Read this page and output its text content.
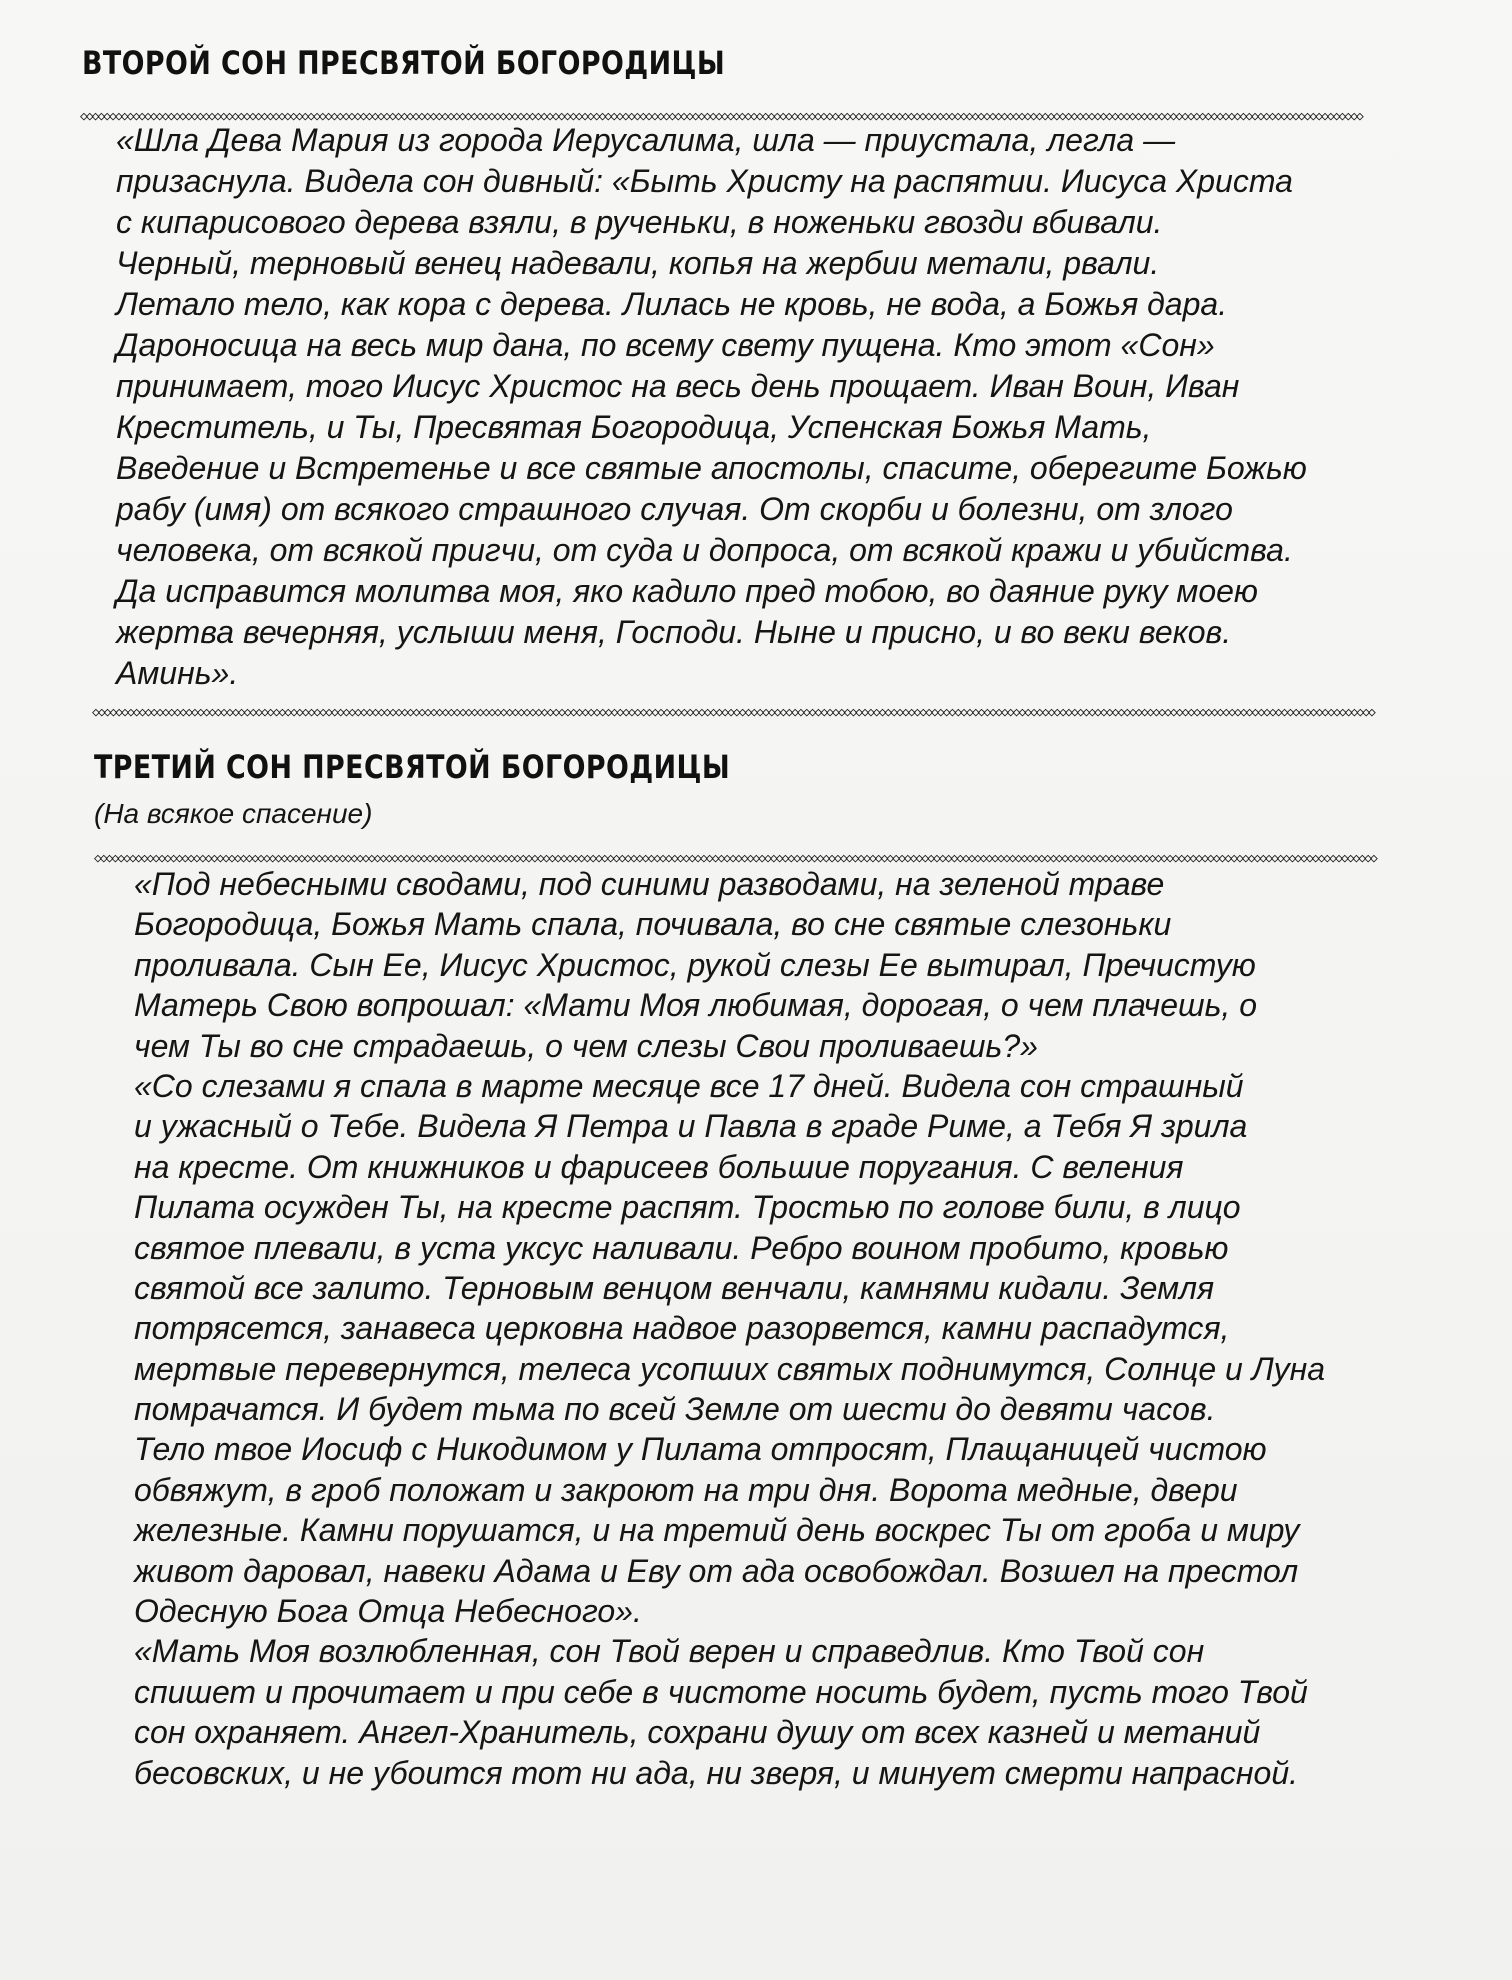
ВТОРОЙ СОН ПРЕСВЯТОЙ БОГОРОДИЦЫ
◇◇◇◇◇◇◇◇◇◇◇◇◇◇◇◇◇◇◇◇◇◇◇◇◇◇◇◇◇◇◇◇◇◇◇◇◇◇◇◇◇◇◇◇◇◇◇◇◇◇◇◇◇◇◇◇◇◇◇◇◇◇◇◇◇◇◇◇◇◇◇◇◇◇◇◇◇◇◇◇◇◇◇◇◇◇◇◇◇◇◇◇◇◇◇◇◇◇◇◇◇◇◇◇◇◇◇◇◇◇◇◇◇◇◇◇◇◇◇◇◇◇◇◇◇◇◇◇◇◇◇◇◇◇◇◇◇◇◇◇◇◇◇◇◇◇◇◇◇◇◇◇◇◇◇◇◇◇◇◇◇◇◇◇◇◇◇◇◇◇◇◇◇◇◇◇◇◇◇◇◇◇◇◇◇◇◇◇◇◇◇◇◇◇◇◇◇◇◇◇◇◇◇◇◇◇◇◇◇◇◇◇◇◇◇◇◇◇◇◇
«Шла Дева Мария из города Иерусалима, шла — приустала, легла —
призаснула. Видела сон дивный: «Быть Христу на распятии. Иисуса Христа
с кипарисового дерева взяли, в рученьки, в ноженьки гвозди вбивали.
Черный, терновый венец надевали, копья на жербии метали, рвали.
Летало тело, как кора с дерева. Лилась не кровь, не вода, а Божья дара.
Дароносица на весь мир дана, по всему свету пущена. Кто этот «Сон»
принимает, того Иисус Христос на весь день прощает. Иван Воин, Иван
Креститель, и Ты, Пресвятая Богородица, Успенская Божья Мать,
Введение и Встретенье и все святые апостолы, спасите, оберегите Божью
рабу (имя) от всякого страшного случая. От скорби и болезни, от злого
человека, от всякой пригчи, от суда и допроса, от всякой кражи и убийства.
Да исправится молитва моя, яко кадило пред тобою, во даяние руку моею
жертва вечерняя, услыши меня, Господи. Ныне и присно, и во веки веков.
Аминь».
◇◇◇◇◇◇◇◇◇◇◇◇◇◇◇◇◇◇◇◇◇◇◇◇◇◇◇◇◇◇◇◇◇◇◇◇◇◇◇◇◇◇◇◇◇◇◇◇◇◇◇◇◇◇◇◇◇◇◇◇◇◇◇◇◇◇◇◇◇◇◇◇◇◇◇◇◇◇◇◇◇◇◇◇◇◇◇◇◇◇◇◇◇◇◇◇◇◇◇◇◇◇◇◇◇◇◇◇◇◇◇◇◇◇◇◇◇◇◇◇◇◇◇◇◇◇◇◇◇◇◇◇◇◇◇◇◇◇◇◇◇◇◇◇◇◇◇◇◇◇◇◇◇◇◇◇◇◇◇◇◇◇◇◇◇◇◇◇◇◇◇◇◇◇◇◇◇◇◇◇◇◇◇◇◇◇◇◇◇◇◇◇◇◇◇◇◇◇◇◇◇◇◇◇◇◇◇◇◇◇◇◇◇◇◇◇◇◇◇◇
ТРЕТИЙ СОН ПРЕСВЯТОЙ БОГОРОДИЦЫ
(На всякое спасение)
◇◇◇◇◇◇◇◇◇◇◇◇◇◇◇◇◇◇◇◇◇◇◇◇◇◇◇◇◇◇◇◇◇◇◇◇◇◇◇◇◇◇◇◇◇◇◇◇◇◇◇◇◇◇◇◇◇◇◇◇◇◇◇◇◇◇◇◇◇◇◇◇◇◇◇◇◇◇◇◇◇◇◇◇◇◇◇◇◇◇◇◇◇◇◇◇◇◇◇◇◇◇◇◇◇◇◇◇◇◇◇◇◇◇◇◇◇◇◇◇◇◇◇◇◇◇◇◇◇◇◇◇◇◇◇◇◇◇◇◇◇◇◇◇◇◇◇◇◇◇◇◇◇◇◇◇◇◇◇◇◇◇◇◇◇◇◇◇◇◇◇◇◇◇◇◇◇◇◇◇◇◇◇◇◇◇◇◇◇◇◇◇◇◇◇◇◇◇◇◇◇◇◇◇◇◇◇◇◇◇◇◇◇◇◇◇◇◇◇◇
«Под небесными сводами, под синими разводами, на зеленой траве
Богородица, Божья Мать спала, почивала, во сне святые слезоньки
проливала. Сын Ее, Иисус Христос, рукой слезы Ее вытирал, Пречистую
Матерь Свою вопрошал: «Мати Моя любимая, дорогая, о чем плачешь, о
чем Ты во сне страдаешь, о чем слезы Свои проливаешь?»
«Со слезами я спала в марте месяце все 17 дней. Видела сон страшный
и ужасный о Тебе. Видела Я Петра и Павла в граде Риме, а Тебя Я зрила
на кресте. От книжников и фарисеев большие поругания. С веления
Пилата осужден Ты, на кресте распят. Тростью по голове били, в лицо
святое плевали, в уста уксус наливали. Ребро воином пробито, кровью
святой все залито. Терновым венцом венчали, камнями кидали. Земля
потрясется, занавеса церковна надвое разорвется, камни распадутся,
мертвые перевернутся, телеса усопших святых поднимутся, Солнце и Луна
помрачатся. И будет тьма по всей Земле от шести до девяти часов.
Тело твое Иосиф с Никодимом у Пилата отпросят, Плащаницей чистою
обвяжут, в гроб положат и закроют на три дня. Ворота медные, двери
железные. Камни порушатся, и на третий день воскрес Ты от гроба и миру
живот даровал, навеки Адама и Еву от ада освобождал. Возшел на престол
Одесную Бога Отца Небесного».
«Мать Моя возлюбленная, сон Твой верен и справедлив. Кто Твой сон
спишет и прочитает и при себе в чистоте носить будет, пусть того Твой
сон охраняет. Ангел-Хранитель, сохрани душу от всех казней и метаний
бесовских, и не убоится тот ни ада, ни зверя, и минует смерти напрасной.
